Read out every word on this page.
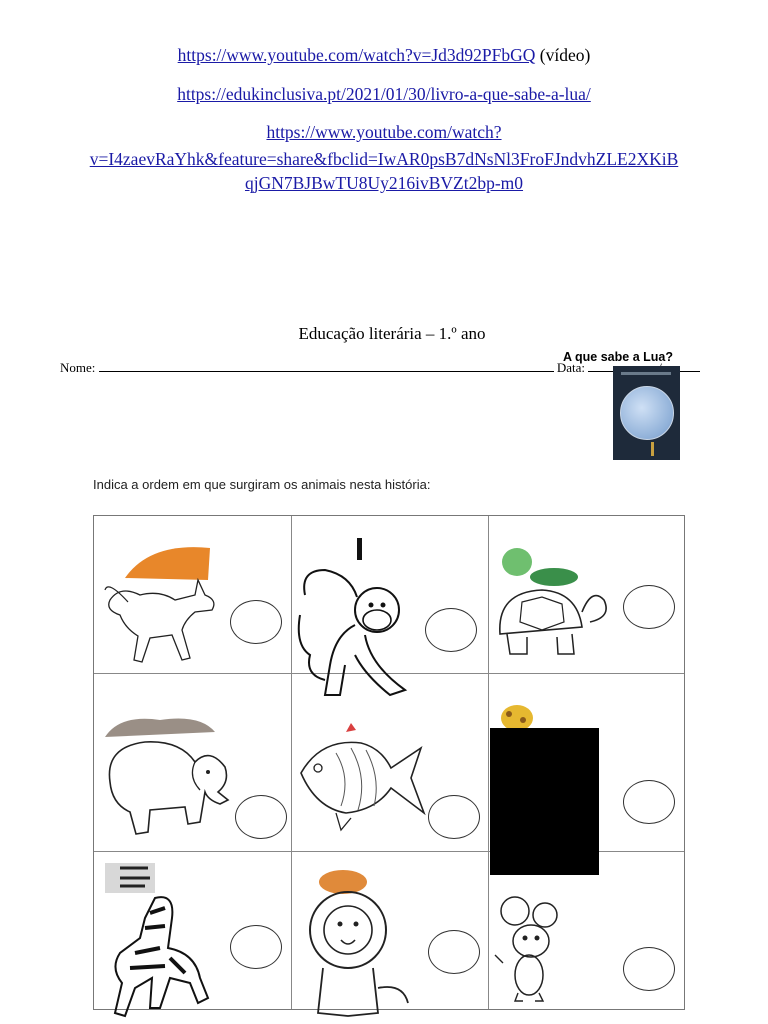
https://www.youtube.com/watch?v=Jd3d92PFbGQ (vídeo)
https://edukinclusiva.pt/2021/01/30/livro-a-que-sabe-a-lua/
https://www.youtube.com/watch?
v=I4zaevRaYhk&feature=share&fbclid=IwAR0psB7dNsNl3FroFJndvhZLE2XKiB
qjGN7BJBwTU8Uy216ivBVZt2bp-m0
Educação literária – 1.º ano
Nome:	Data:
A que sabe a Lua?
Indica a ordem em que surgiram os animais nesta história:
